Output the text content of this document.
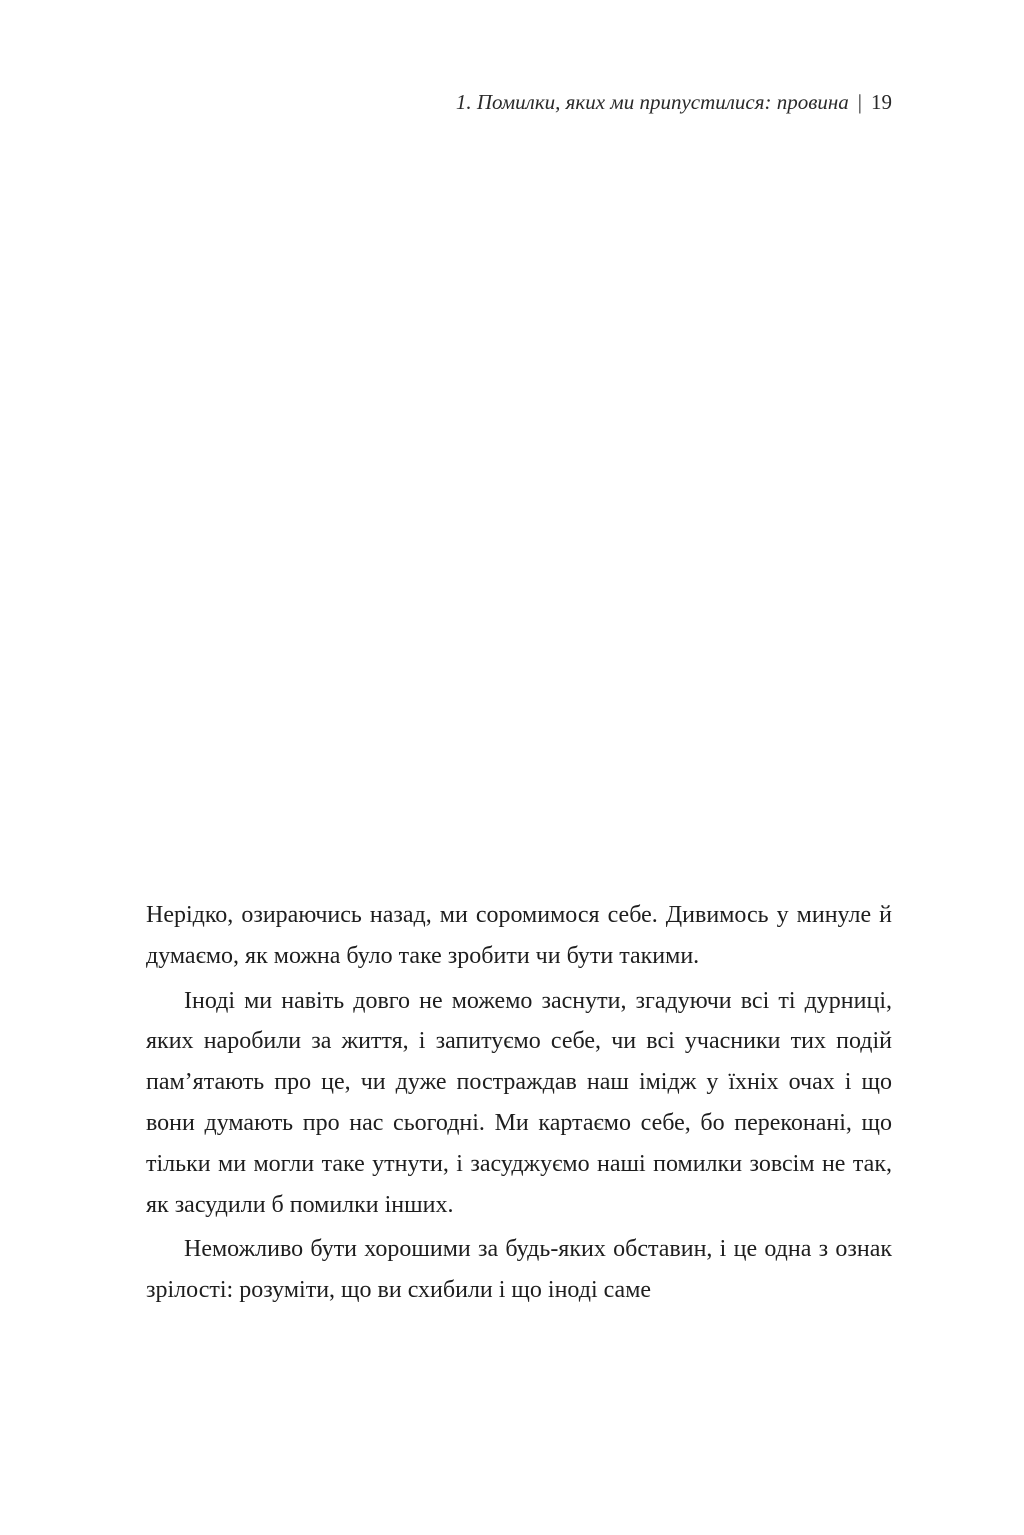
1. Помилки, яких ми припустилися: провина | 19

Нерідко, озираючись назад, ми соромимося себе. Дивимось у минуле й думаємо, як можна було таке зробити чи бути такими.

Іноді ми навіть довго не можемо заснути, згадуючи всі ті дурниці, яких наробили за життя, і запитуємо себе, чи всі учасники тих подій пам’ятають про це, чи дуже постраждав наш імідж у їхніх очах і що вони думають про нас сьогодні. Ми картаємо себе, бо переконані, що тільки ми могли таке утнути, і засуджуємо наші помилки зовсім не так, як засудили б помилки інших.

Неможливо бути хорошими за будь-яких обставин, і це одна з ознак зрілості: розуміти, що ви схибили і що іноді саме
